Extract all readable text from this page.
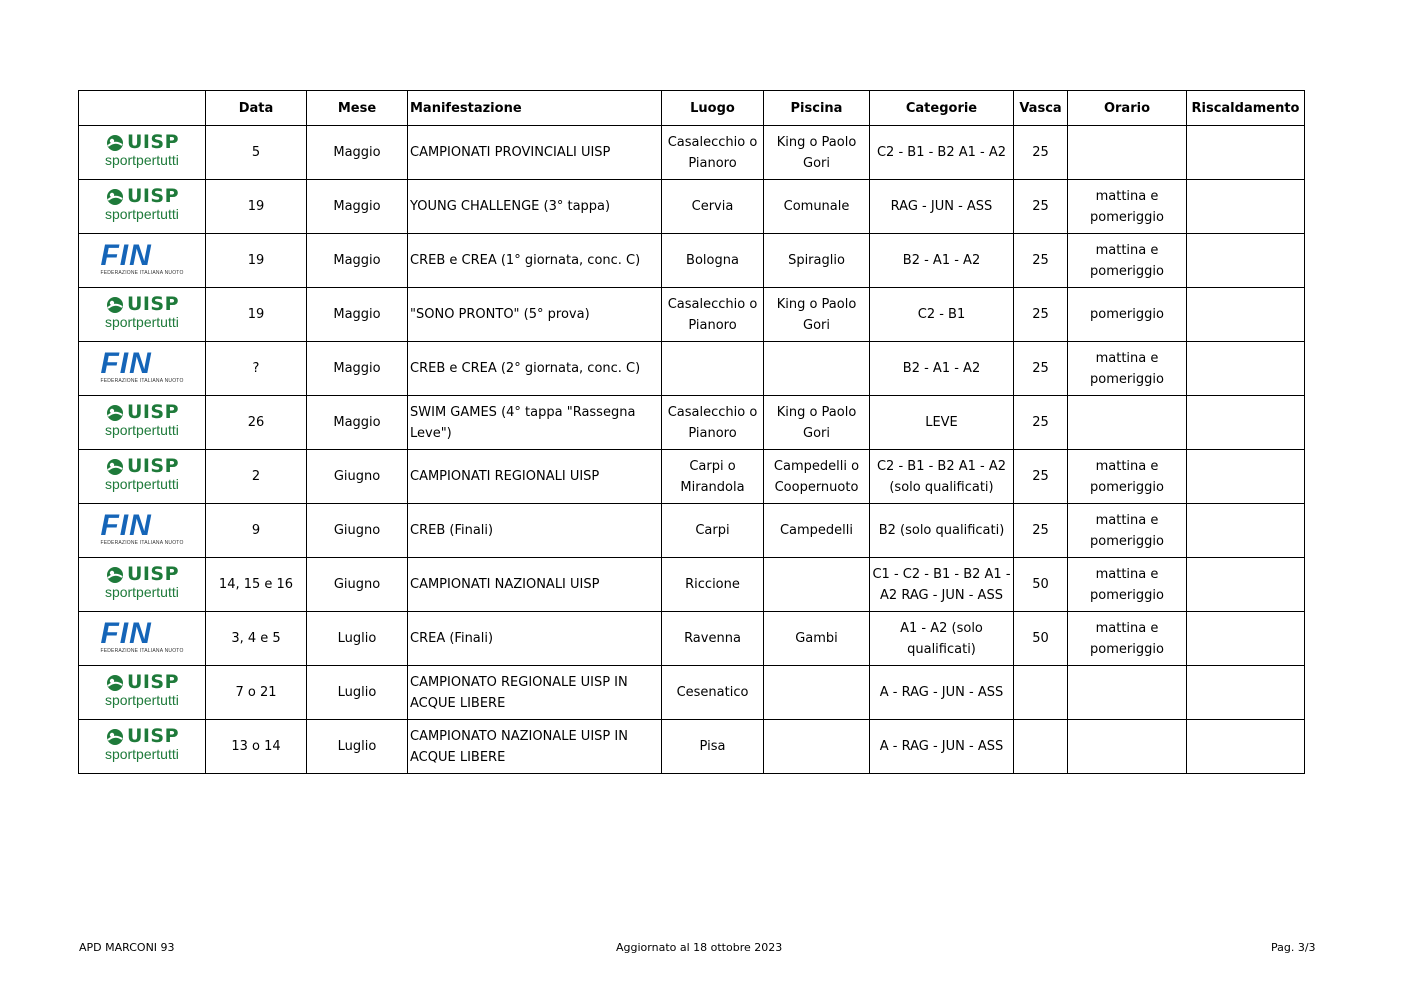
	Data	Mese	Manifestazione	Luogo	Piscina	Categorie	Vasca	Orario	Riscaldamento

UISP
sportpertutti	5	Maggio	CAMPIONATI PROVINCIALI UISP	Casalecchio o Pianoro	King o Paolo Gori	C2 - B1 - B2 A1 - A2	25		

UISP
sportpertutti	19	Maggio	YOUNG CHALLENGE (3° tappa)	Cervia	Comunale	RAG - JUN - ASS	25	mattina e pomeriggio	

FIN
FEDERAZIONE ITALIANA NUOTO	19	Maggio	CREB e CREA (1° giornata, conc. C)	Bologna	Spiraglio	B2 - A1 - A2	25	mattina e pomeriggio	

UISP
sportpertutti	19	Maggio	"SONO PRONTO" (5° prova)	Casalecchio o Pianoro	King o Paolo Gori	C2 - B1	25	pomeriggio	

FIN
FEDERAZIONE ITALIANA NUOTO	?	Maggio	CREB e CREA (2° giornata, conc. C)			B2 - A1 - A2	25	mattina e pomeriggio	

UISP
sportpertutti	26	Maggio	SWIM GAMES (4° tappa "Rassegna Leve")	Casalecchio o Pianoro	King o Paolo Gori	LEVE	25		

UISP
sportpertutti	2	Giugno	CAMPIONATI REGIONALI UISP	Carpi o Mirandola	Campedelli o Coopernuoto	C2 - B1 - B2 A1 - A2 (solo qualificati)	25	mattina e pomeriggio	

FIN
FEDERAZIONE ITALIANA NUOTO	9	Giugno	CREB (Finali)	Carpi	Campedelli	B2 (solo qualificati)	25	mattina e pomeriggio	

UISP
sportpertutti	14, 15 e 16	Giugno	CAMPIONATI NAZIONALI UISP	Riccione		C1 - C2 - B1 - B2 A1 - A2 RAG - JUN - ASS	50	mattina e pomeriggio	

FIN
FEDERAZIONE ITALIANA NUOTO	3, 4 e 5	Luglio	CREA (Finali)	Ravenna	Gambi	A1 - A2 (solo qualificati)	50	mattina e pomeriggio	

UISP
sportpertutti	7 o 21	Luglio	CAMPIONATO REGIONALE UISP IN ACQUE LIBERE	Cesenatico		A - RAG - JUN - ASS			

UISP
sportpertutti	13 o 14	Luglio	CAMPIONATO NAZIONALE UISP IN ACQUE LIBERE	Pisa		A - RAG - JUN - ASS			
APD MARCONI 93	Aggiornato al 18 ottobre 2023	Pag. 3/3
